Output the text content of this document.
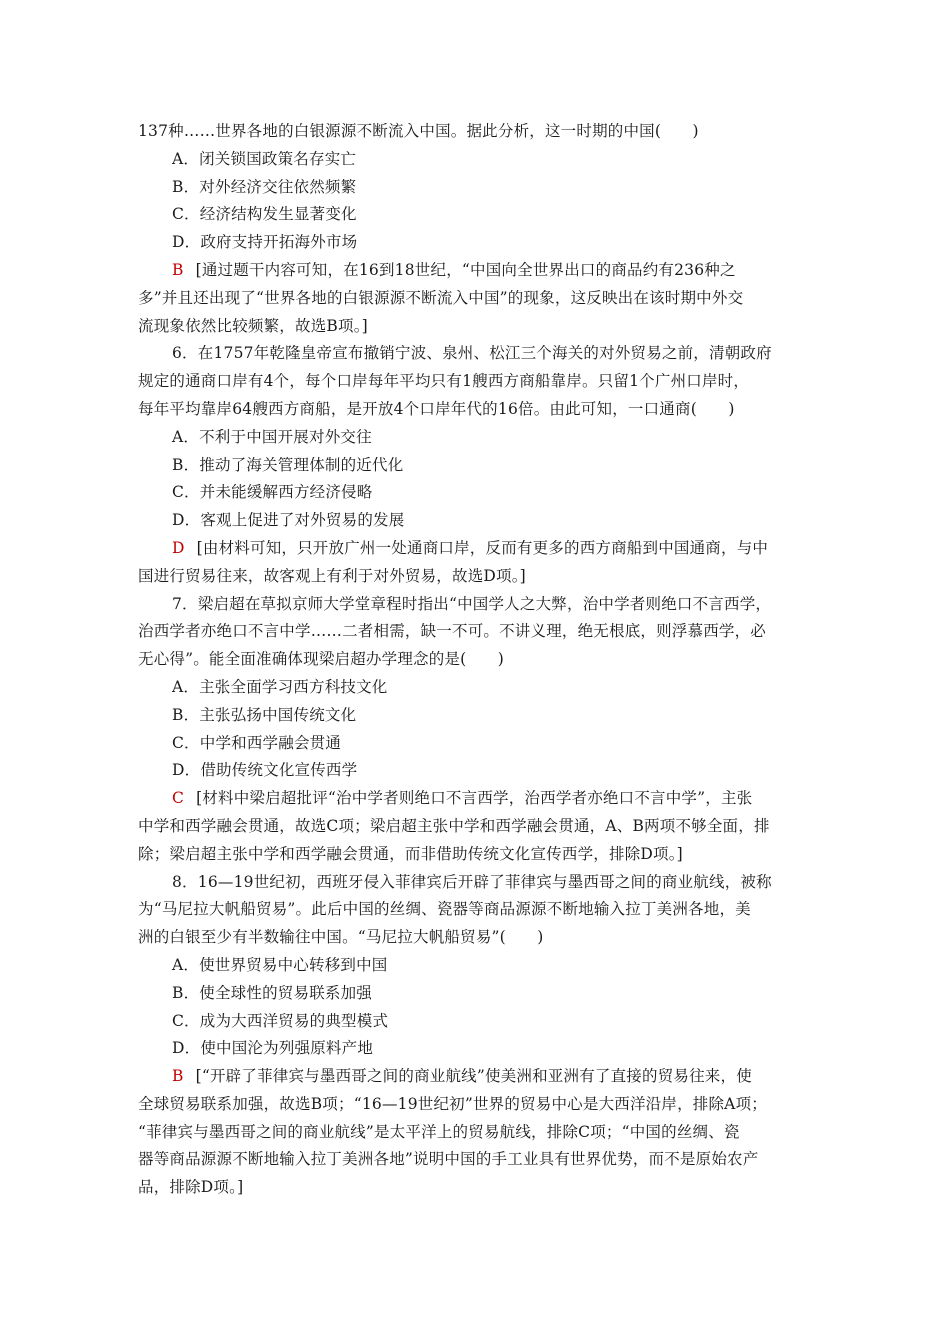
137种……世界各地的白银源源不断流入中国。据此分析，这一时期的中国(　　)
A．闭关锁国政策名存实亡
B．对外经济交往依然频繁
C．经济结构发生显著变化
D．政府支持开拓海外市场
B [通过题干内容可知，在16到18世纪，“中国向全世界出口的商品约有236种之
多”并且还出现了“世界各地的白银源源不断流入中国”的现象，这反映出在该时期中外交
流现象依然比较频繁，故选B项。]
6．在1757年乾隆皇帝宣布撤销宁波、泉州、松江三个海关的对外贸易之前，清朝政府
规定的通商口岸有4个，每个口岸每年平均只有1艘西方商船靠岸。只留1个广州口岸时，
每年平均靠岸64艘西方商船，是开放4个口岸年代的16倍。由此可知，一口通商(　　)
A．不利于中国开展对外交往
B．推动了海关管理体制的近代化
C．并未能缓解西方经济侵略
D．客观上促进了对外贸易的发展
D [由材料可知，只开放广州一处通商口岸，反而有更多的西方商船到中国通商，与中
国进行贸易往来，故客观上有利于对外贸易，故选D项。]
7．梁启超在草拟京师大学堂章程时指出“中国学人之大弊，治中学者则绝口不言西学，
治西学者亦绝口不言中学……二者相需，缺一不可。不讲义理，绝无根底，则浮慕西学，必
无心得”。能全面准确体现梁启超办学理念的是(　　)
A．主张全面学习西方科技文化
B．主张弘扬中国传统文化
C．中学和西学融会贯通
D．借助传统文化宣传西学
C [材料中梁启超批评“治中学者则绝口不言西学，治西学者亦绝口不言中学”，主张
中学和西学融会贯通，故选C项；梁启超主张中学和西学融会贯通，A、B两项不够全面，排
除；梁启超主张中学和西学融会贯通，而非借助传统文化宣传西学，排除D项。]
8．16—19世纪初，西班牙侵入菲律宾后开辟了菲律宾与墨西哥之间的商业航线，被称
为“马尼拉大帆船贸易”。此后中国的丝绸、瓷器等商品源源不断地输入拉丁美洲各地，美
洲的白银至少有半数输往中国。“马尼拉大帆船贸易”(　　)
A．使世界贸易中心转移到中国
B．使全球性的贸易联系加强
C．成为大西洋贸易的典型模式
D．使中国沦为列强原料产地
B [“开辟了菲律宾与墨西哥之间的商业航线”使美洲和亚洲有了直接的贸易往来，使
全球贸易联系加强，故选B项；“16—19世纪初”世界的贸易中心是大西洋沿岸，排除A项；
“菲律宾与墨西哥之间的商业航线”是太平洋上的贸易航线，排除C项；“中国的丝绸、瓷
器等商品源源不断地输入拉丁美洲各地”说明中国的手工业具有世界优势，而不是原始农产
品，排除D项。]
